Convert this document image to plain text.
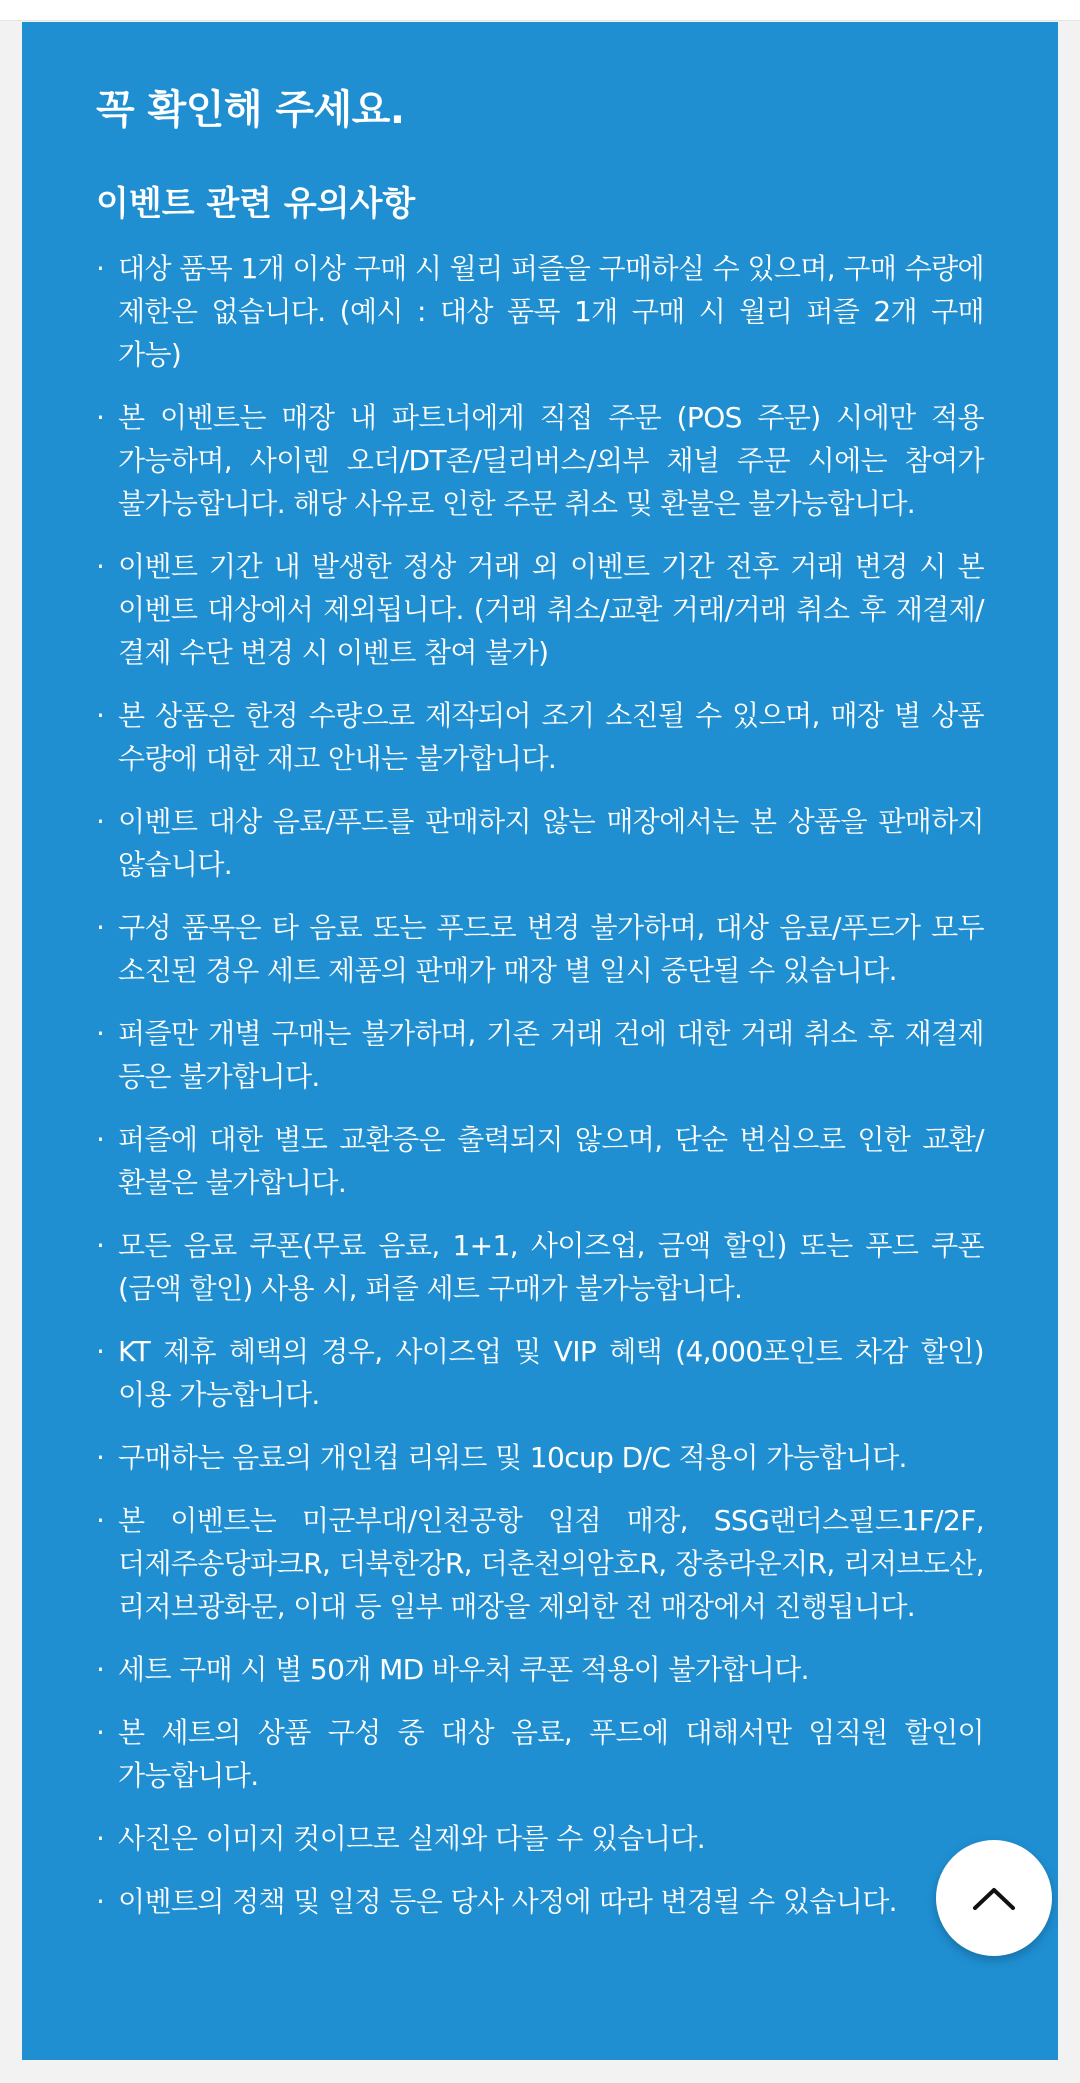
꼭 확인해 주세요.
이벤트 관련 유의사항
· 대상 품목 1개 이상 구매 시 월리 퍼즐을 구매하실 수 있으며, 구매 수량에 제한은 없습니다. (예시 : 대상 품목 1개 구매 시 월리 퍼즐 2개 구매 가능)
· 본 이벤트는 매장 내 파트너에게 직접 주문 (POS 주문) 시에만 적용 가능하며, 사이렌 오더/DT존/딜리버스/외부 채널 주문 시에는 참여가 불가능합니다. 해당 사유로 인한 주문 취소 및 환불은 불가능합니다.
· 이벤트 기간 내 발생한 정상 거래 외 이벤트 기간 전후 거래 변경 시 본 이벤트 대상에서 제외됩니다. (거래 취소/교환 거래/거래 취소 후 재결제/결제 수단 변경 시 이벤트 참여 불가)
· 본 상품은 한정 수량으로 제작되어 조기 소진될 수 있으며, 매장 별 상품 수량에 대한 재고 안내는 불가합니다.
· 이벤트 대상 음료/푸드를 판매하지 않는 매장에서는 본 상품을 판매하지 않습니다.
· 구성 품목은 타 음료 또는 푸드로 변경 불가하며, 대상 음료/푸드가 모두 소진된 경우 세트 제품의 판매가 매장 별 일시 중단될 수 있습니다.
· 퍼즐만 개별 구매는 불가하며, 기존 거래 건에 대한 거래 취소 후 재결제 등은 불가합니다.
· 퍼즐에 대한 별도 교환증은 출력되지 않으며, 단순 변심으로 인한 교환/환불은 불가합니다.
· 모든 음료 쿠폰(무료 음료, 1+1, 사이즈업, 금액 할인) 또는 푸드 쿠폰(금액 할인) 사용 시, 퍼즐 세트 구매가 불가능합니다.
· KT 제휴 혜택의 경우, 사이즈업 및 VIP 혜택 (4,000포인트 차감 할인) 이용 가능합니다.
· 구매하는 음료의 개인컵 리워드 및 10cup D/C 적용이 가능합니다.
· 본 이벤트는 미군부대/인천공항 입점 매장, SSG랜더스필드1F/2F, 더제주송당파크R, 더북한강R, 더춘천의암호R, 장충라운지R, 리저브도산, 리저브광화문, 이대 등 일부 매장을 제외한 전 매장에서 진행됩니다.
· 세트 구매 시 별 50개 MD 바우처 쿠폰 적용이 불가합니다.
· 본 세트의 상품 구성 중 대상 음료, 푸드에 대해서만 임직원 할인이 가능합니다.
· 사진은 이미지 컷이므로 실제와 다를 수 있습니다.
· 이벤트의 정책 및 일정 등은 당사 사정에 따라 변경될 수 있습니다.
